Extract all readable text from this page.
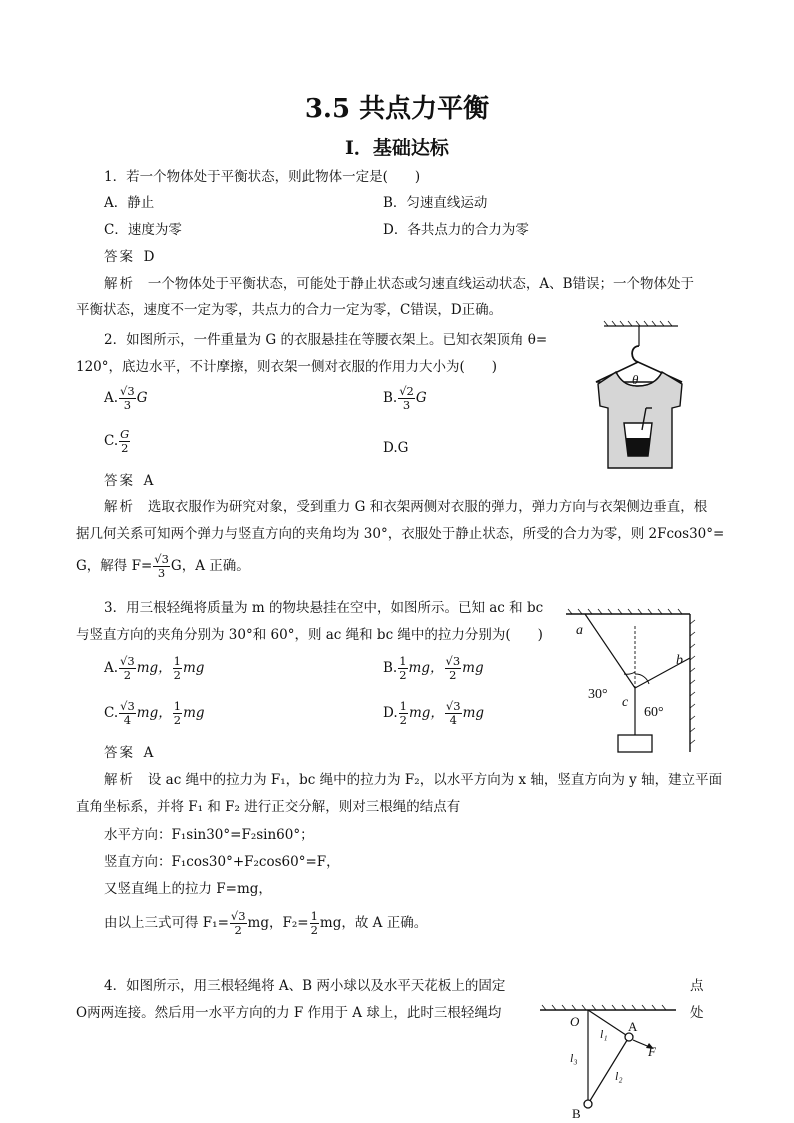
3.5 共点力平衡
Ⅰ．基础达标
1．若一个物体处于平衡状态，则此物体一定是(　　)
A．静止	B．匀速直线运动
C．速度为零	D．各共点力的合力为零
答案 D
解析 一个物体处于平衡状态，可能处于静止状态或匀速直线运动状态，A、B错误；一个物体处于
平衡状态，速度不一定为零，共点力的合力一定为零，C错误，D正确。
2．如图所示，一件重量为 G 的衣服悬挂在等腰衣架上。已知衣架顶角 θ=
120°，底边水平，不计摩擦，则衣架一侧对衣服的作用力大小为(　　)
A. $\frac{√3}{3}$ G	B. $\frac{√2}{3}$ G
C. $\frac{G}{2}$	D.G
答案 A
解析 选取衣服作为研究对象，受到重力 G 和衣架两侧对衣服的弹力，弹力方向与衣架侧边垂直，根
据几何关系可知两个弹力与竖直方向的夹角均为 30°，衣服处于静止状态，所受的合力为零，则 2Fcos30°=
G，解得 $F= \frac{√3}{3}$ G，A 正确。
θ
3．用三根轻绳将质量为 m 的物块悬挂在空中，如图所示。已知 ac 和 bc
与竖直方向的夹角分别为 30°和 60°，则 ac 绳和 bc 绳中的拉力分别为(　　)
A. $\frac{√3}{2}$ mg， $\frac{1}{2}$ mg	B. $\frac{1}{2}$ mg， $\frac{√3}{2}$ mg
C. $\frac{√3}{4}$ mg， $\frac{1}{2}$ mg	D. $\frac{1}{2}$ mg， $\frac{√3}{4}$ mg
答案 A
解析 设 ac 绳中的拉力为 F₁，bc 绳中的拉力为 F₂，以水平方向为 x 轴，竖直方向为 y 轴，建立平面
直角坐标系，并将 F₁ 和 F₂ 进行正交分解，则对三根绳的结点有
水平方向：F₁sin30°=F₂sin60°；
竖直方向：F₁cos30°+F₂cos60°=F，
又竖直绳上的拉力 F=mg，
由以上三式可得 $F_1= \frac{√3}{2}$ mg，$F_2= \frac{1}{2}$ mg，故 A 正确。
a
b
c
30°
60°
4．如图所示，用三根轻绳将 A、B 两小球以及水平天花板上的固定	点
O两两连接。然后用一水平方向的力 F 作用于 A 球上，此时三根轻绳均	处
O	A
B
F
l₁
l₂
l₃
